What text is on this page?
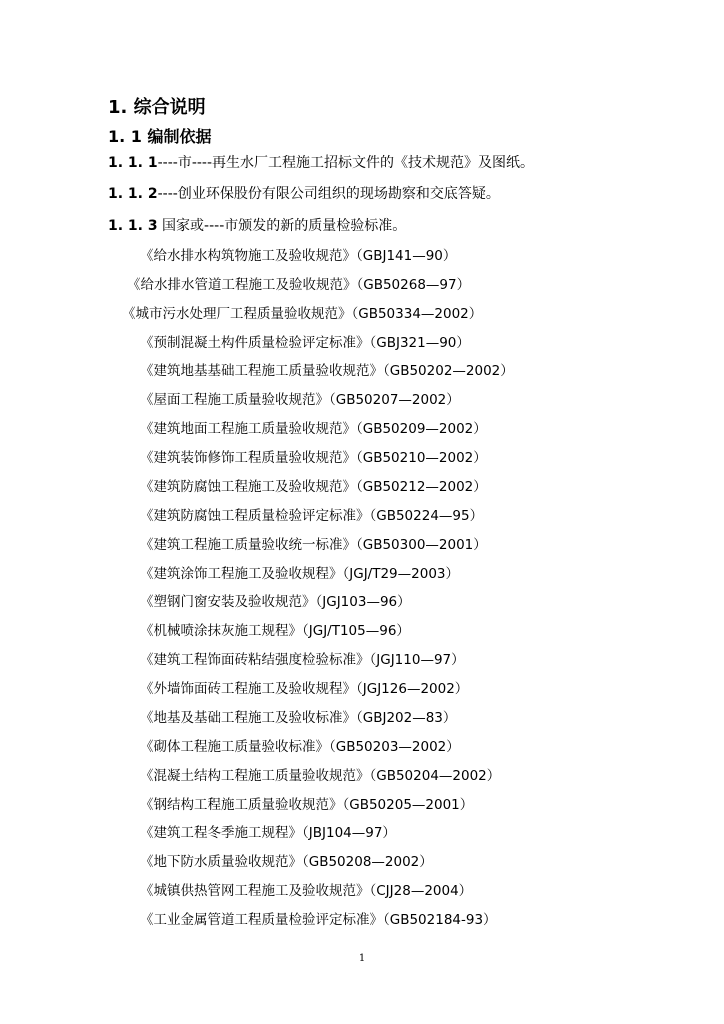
1. 综合说明
1. 1 编制依据
1. 1. 1----市----再生水厂工程施工招标文件的《技术规范》及图纸。
1. 1. 2----创业环保股份有限公司组织的现场勘察和交底答疑。
1. 1. 3 国家或----市颁发的新的质量检验标准。
《给水排水构筑物施工及验收规范》（GBJ141—90）
《给水排水管道工程施工及验收规范》（GB50268—97）
《城市污水处理厂工程质量验收规范》（GB50334—2002）
《预制混凝土构件质量检验评定标准》（GBJ321—90）
《建筑地基基础工程施工质量验收规范》（GB50202—2002）
《屋面工程施工质量验收规范》（GB50207—2002）
《建筑地面工程施工质量验收规范》（GB50209—2002）
《建筑装饰修饰工程质量验收规范》（GB50210—2002）
《建筑防腐蚀工程施工及验收规范》（GB50212—2002）
《建筑防腐蚀工程质量检验评定标准》（GB50224—95）
《建筑工程施工质量验收统一标准》（GB50300—2001）
《建筑涂饰工程施工及验收规程》（JGJ/T29—2003）
《塑钢门窗安装及验收规范》（JGJ103—96）
《机械喷涂抹灰施工规程》（JGJ/T105—96）
《建筑工程饰面砖粘结强度检验标准》（JGJ110—97）
《外墙饰面砖工程施工及验收规程》（JGJ126—2002）
《地基及基础工程施工及验收标准》（GBJ202—83）
《砌体工程施工质量验收标准》（GB50203—2002）
《混凝土结构工程施工质量验收规范》（GB50204—2002）
《钢结构工程施工质量验收规范》（GB50205—2001）
《建筑工程冬季施工规程》（JBJ104—97）
《地下防水质量验收规范》（GB50208—2002）
《城镇供热管网工程施工及验收规范》（CJJ28—2004）
《工业金属管道工程质量检验评定标准》（GB502184-93）
1
